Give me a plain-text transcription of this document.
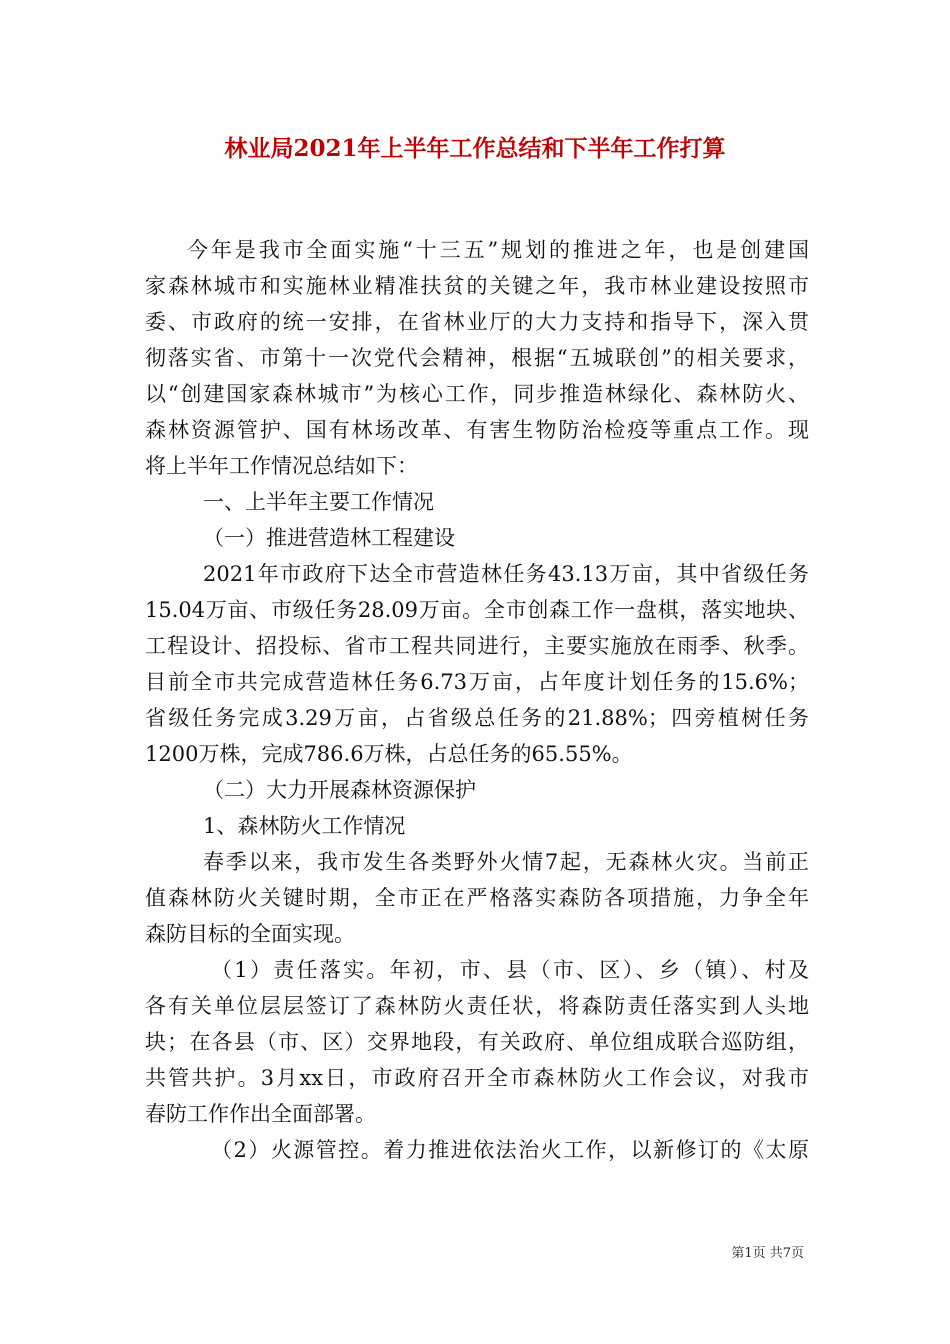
林业局2021年上半年工作总结和下半年工作打算
今年是我市全面实施“十三五”规划的推进之年，也是创建国
家森林城市和实施林业精准扶贫的关键之年，我市林业建设按照市
委、市政府的统一安排，在省林业厅的大力支持和指导下，深入贯
彻落实省、市第十一次党代会精神，根据“五城联创”的相关要求，
以“创建国家森林城市”为核心工作，同步推造林绿化、森林防火、
森林资源管护、国有林场改革、有害生物防治检疫等重点工作。现
将上半年工作情况总结如下：
一、上半年主要工作情况
（一）推进营造林工程建设
2021年市政府下达全市营造林任务43.13万亩，其中省级任务
15.04万亩、市级任务28.09万亩。全市创森工作一盘棋，落实地块、
工程设计、招投标、省市工程共同进行，主要实施放在雨季、秋季。
目前全市共完成营造林任务6.73万亩，占年度计划任务的15.6%；
省级任务完成3.29万亩，占省级总任务的21.88%；四旁植树任务
1200万株，完成786.6万株，占总任务的65.55%。
（二）大力开展森林资源保护
1、森林防火工作情况
春季以来，我市发生各类野外火情7起，无森林火灾。当前正
值森林防火关键时期，全市正在严格落实森防各项措施，力争全年
森防目标的全面实现。
（1）责任落实。年初，市、县（市、区）、乡（镇）、村及
各有关单位层层签订了森林防火责任状，将森防责任落实到人头地
块；在各县（市、区）交界地段，有关政府、单位组成联合巡防组，
共管共护。3月xx日，市政府召开全市森林防火工作会议，对我市
春防工作作出全面部署。
（2）火源管控。着力推进依法治火工作，以新修订的《太原
第1页 共7页
